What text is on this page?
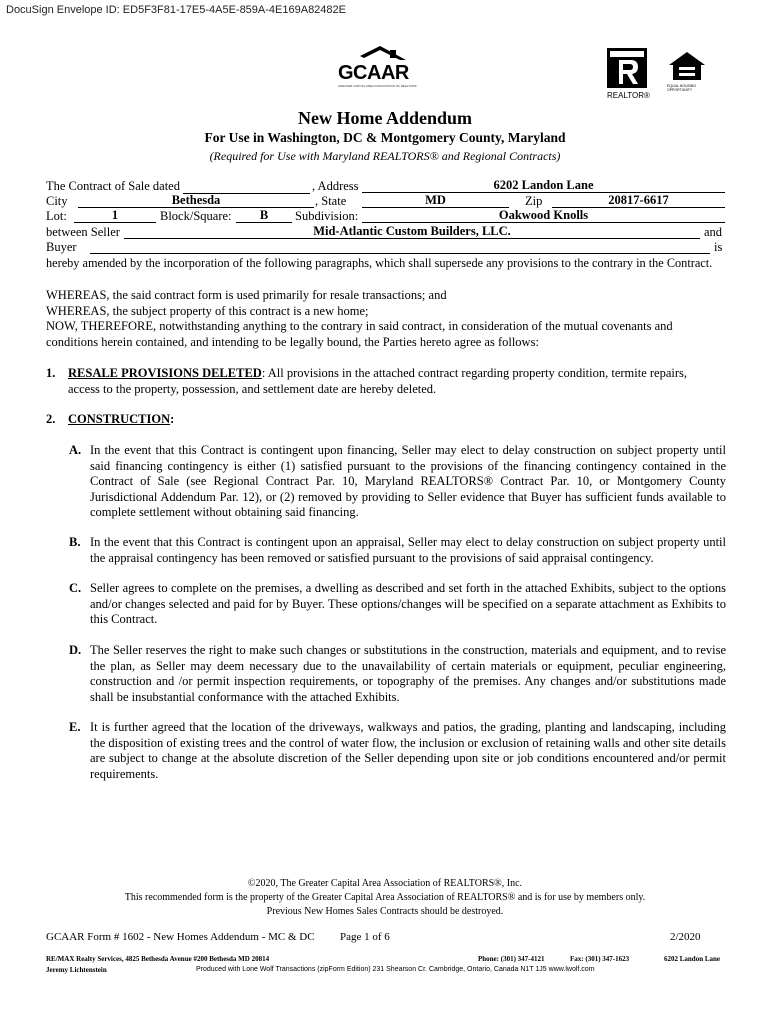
DocuSign Envelope ID: ED5F3F81-17E5-4A5E-859A-4E169A82482E
GCAAR
GREATER CAPITAL AREA ASSOCIATION OF REALTORS
REALTOR®
EQUAL HOUSING OPPORTUNITY
New Home Addendum
For Use in Washington, DC & Montgomery County, Maryland
(Required for Use with Maryland REALTORS® and Regional Contracts)
The Contract of Sale dated	, Address	6202 Landon Lane
City	Bethesda	, State	MD	Zip	20817-6617
Lot:	1	Block/Square:	B	Subdivision:	Oakwood Knolls
between Seller	Mid-Atlantic Custom Builders, LLC.	and
Buyer	is
hereby amended by the incorporation of the following paragraphs, which shall supersede any provisions to the contrary in the Contract.
WHEREAS, the said contract form is used primarily for resale transactions; and
WHEREAS, the subject property of this contract is a new home;
NOW, THEREFORE, notwithstanding anything to the contrary in said contract, in consideration of the mutual covenants and
conditions herein contained, and intending to be legally bound, the Parties hereto agree as follows:
1. RESALE PROVISIONS DELETED: All provisions in the attached contract regarding property condition, termite repairs,
access to the property, possession, and settlement date are hereby deleted.
2. CONSTRUCTION:
A. In the event that this Contract is contingent upon financing, Seller may elect to delay construction on subject property until said financing contingency is either (1) satisfied pursuant to the provisions of the financing contingency contained in the Contract of Sale (see Regional Contract Par. 10, Maryland REALTORS® Contract Par. 10, or Montgomery County Jurisdictional Addendum Par. 12), or (2) removed by providing to Seller evidence that Buyer has sufficient funds available to complete settlement without obtaining said financing.
B. In the event that this Contract is contingent upon an appraisal, Seller may elect to delay construction on subject property until the appraisal contingency has been removed or satisfied pursuant to the provisions of said appraisal contingency.
C. Seller agrees to complete on the premises, a dwelling as described and set forth in the attached Exhibits, subject to the options and/or changes selected and paid for by Buyer. These options/changes will be specified on a separate attachment as Exhibits to this Contract.
D. The Seller reserves the right to make such changes or substitutions in the construction, materials and equipment, and to revise the plan, as Seller may deem necessary due to the unavailability of certain materials or equipment, peculiar engineering, construction and /or permit inspection requirements, or topography of the premises. Any changes and/or substitutions made shall be insubstantial conformance with the attached Exhibits.
E. It is further agreed that the location of the driveways, walkways and patios, the grading, planting and landscaping, including the disposition of existing trees and the control of water flow, the inclusion or exclusion of retaining walls and other site details are subject to change at the absolute discretion of the Seller depending upon site or job conditions encountered and/or permit requirements.
©2020, The Greater Capital Area Association of REALTORS®, Inc.
This recommended form is the property of the Greater Capital Area Association of REALTORS® and is for use by members only.
Previous New Homes Sales Contracts should be destroyed.
GCAAR Form # 1602 - New Homes Addendum - MC & DC Page 1 of 6	2/2020
RE/MAX Realty Services, 4825 Bethesda Avenue #200 Bethesda MD 20814	Phone: (301) 347-4121	Fax: (301) 347-1623	6202 Landon Lane
Jeremy Lichtenstein	Produced with Lone Wolf Transactions (zipForm Edition) 231 Shearson Cr. Cambridge, Ontario, Canada N1T 1J5 www.lwolf.com
